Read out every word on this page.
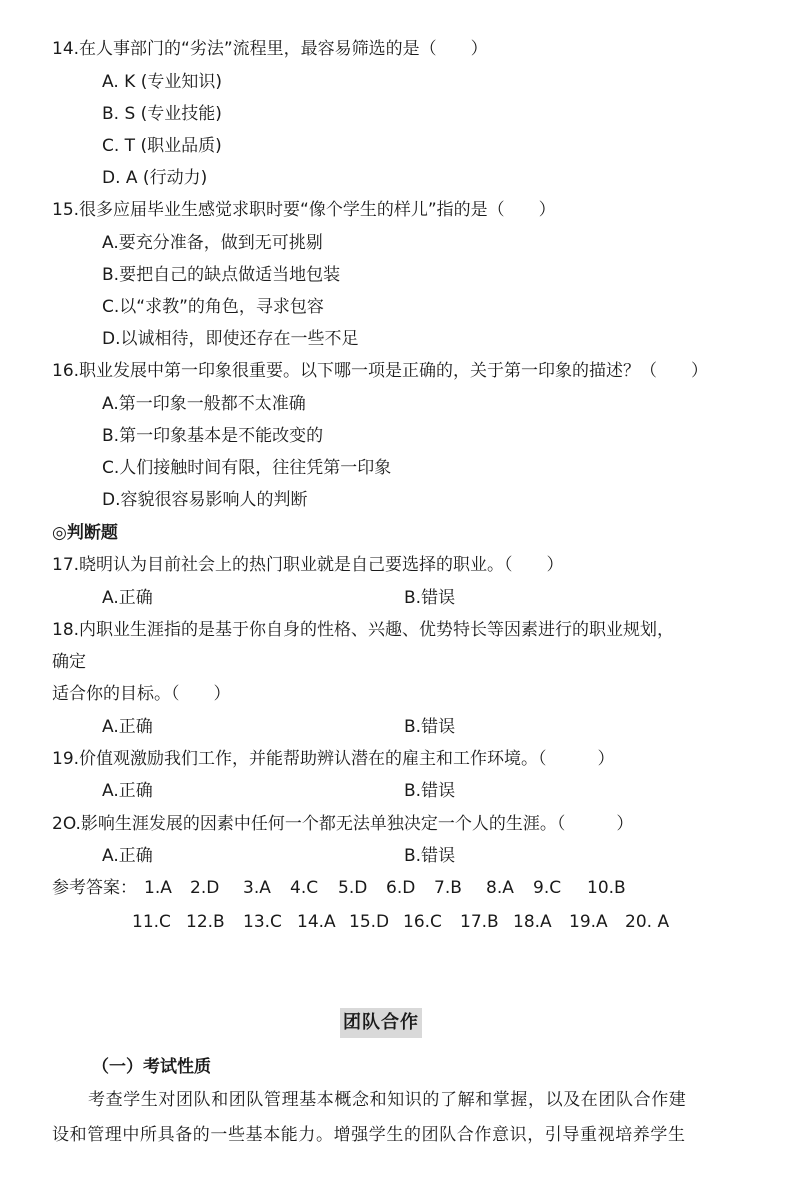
14.在人事部门的“劣法”流程里，最容易筛选的是（　　）
A. K (专业知识)
B. S (专业技能)
C. T (职业品质)
D. A (行动力)
15.很多应届毕业生感觉求职时要“像个学生的样儿”指的是（　　）
A.要充分准备，做到无可挑剔
B.要把自己的缺点做适当地包装
C.以“求教”的角色，寻求包容
D.以诚相待，即使还存在一些不足
16.职业发展中第一印象很重要。以下哪一项是正确的，关于第一印象的描述？（　　）
A.第一印象一般都不太准确
B.第一印象基本是不能改变的
C.人们接触时间有限，往往凭第一印象
D.容貌很容易影响人的判断
◎判断题
17.晓明认为目前社会上的热门职业就是自己要选择的职业。（　　）
A.正确	B.错误
18.内职业生涯指的是基于你自身的性格、兴趣、优势特长等因素进行的职业规划，
确定
适合你的目标。（　　）
A.正确	B.错误
19.价值观激励我们工作，并能帮助辨认潜在的雇主和工作环境。（　　　）
A.正确	B.错误
2O.影响生涯发展的因素中任何一个都无法单独决定一个人的生涯。（　　　）
A.正确	B.错误
参考答案： 1.A 2.D 3.A 4.C 5.D 6.D 7.B 8.A 9.C 10.B
11.C 12.B 13.C 14.A 15.D 16.C 17.B 18.A 19.A 20. A
团队合作
（一）考试性质
考查学生对团队和团队管理基本概念和知识的了解和掌握，以及在团队合作建
设和管理中所具备的一些基本能力。增强学生的团队合作意识，引导重视培养学生
